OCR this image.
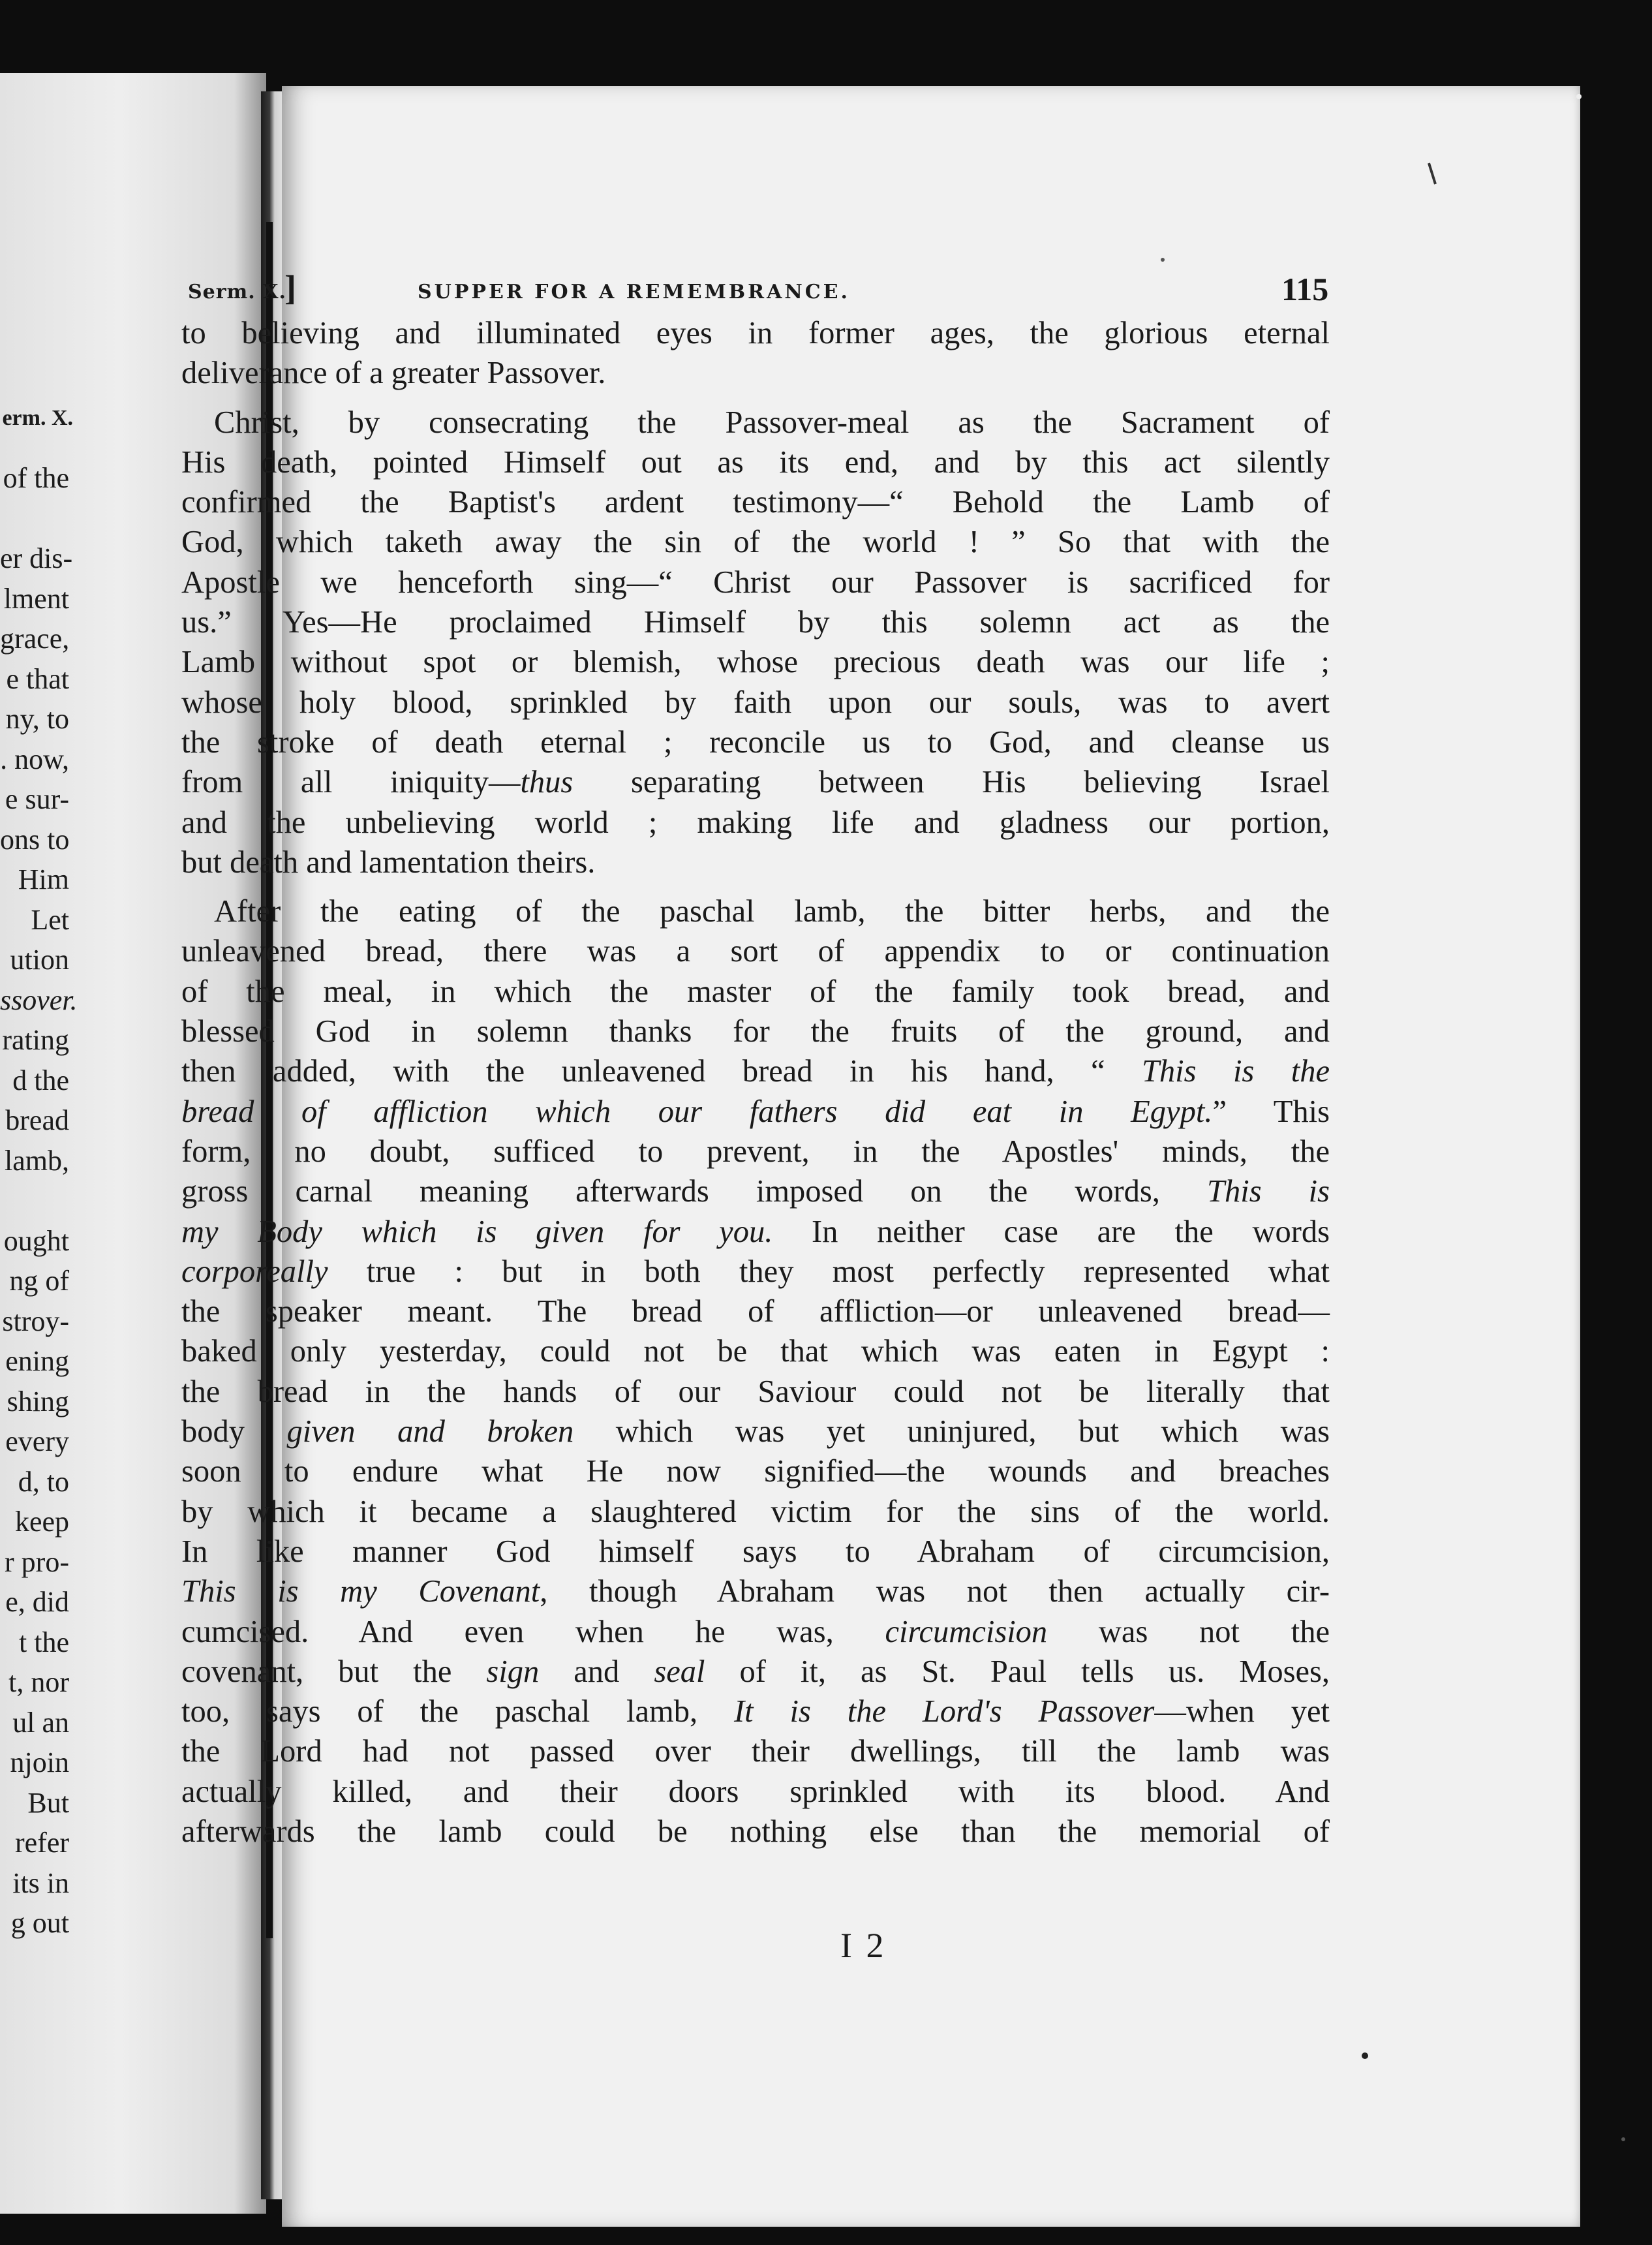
erm. X.
of the
er dis-
lment
grace,
e that
ny, to
. now,
e sur-
ons to
Him
Let
ution
ssover.
rating
d the
bread
lamb,
ought
ng of
stroy-
ening
shing
every
d, to
keep
r pro-
e, did
t the
t, nor
ul an
njoin
But
refer
its in
g out
Serm. X.
]	SUPPER FOR A REMEMBRANCE.	115
to believing and illuminated eyes in former ages, the glorious eternal
deliverance of a greater Passover.
Christ, by consecrating the Passover-meal as the Sacrament of
His death, pointed Himself out as its end, and by this act silently
confirmed the Baptist's ardent testimony—“ Behold the Lamb of
God, which taketh away the sin of the world ! ” So that with the
Apostle we henceforth sing—“ Christ our Passover is sacrificed for
us.” Yes—He proclaimed Himself by this solemn act as the
Lamb without spot or blemish, whose precious death was our life ;
whose holy blood, sprinkled by faith upon our souls, was to avert
the stroke of death eternal ; reconcile us to God, and cleanse us
from all iniquity—thus separating between His believing Israel
and the unbelieving world ; making life and gladness our portion,
but death and lamentation theirs.
After the eating of the paschal lamb, the bitter herbs, and the
unleavened bread, there was a sort of appendix to or continuation
of the meal, in which the master of the family took bread, and
blessed God in solemn thanks for the fruits of the ground, and
then added, with the unleavened bread in his hand, “ This is the
bread of affliction which our fathers did eat in Egypt.” This
form, no doubt, sufficed to prevent, in the Apostles' minds, the
gross carnal meaning afterwards imposed on the words, This is
my Body which is given for you. In neither case are the words
corporeally true : but in both they most perfectly represented what
the speaker meant. The bread of affliction—or unleavened bread—
baked only yesterday, could not be that which was eaten in Egypt :
the bread in the hands of our Saviour could not be literally that
body given and broken which was yet uninjured, but which was
soon to endure what He now signified—the wounds and breaches
by which it became a slaughtered victim for the sins of the world.
In like manner God himself says to Abraham of circumcision,
This is my Covenant, though Abraham was not then actually cir-
cumcised. And even when he was, circumcision was not the
covenant, but the sign and seal of it, as St. Paul tells us. Moses,
too, says of the paschal lamb, It is the Lord's Passover—when yet
the Lord had not passed over their dwellings, till the lamb was
actually killed, and their doors sprinkled with its blood. And
afterwards the lamb could be nothing else than the memorial of
I 2
